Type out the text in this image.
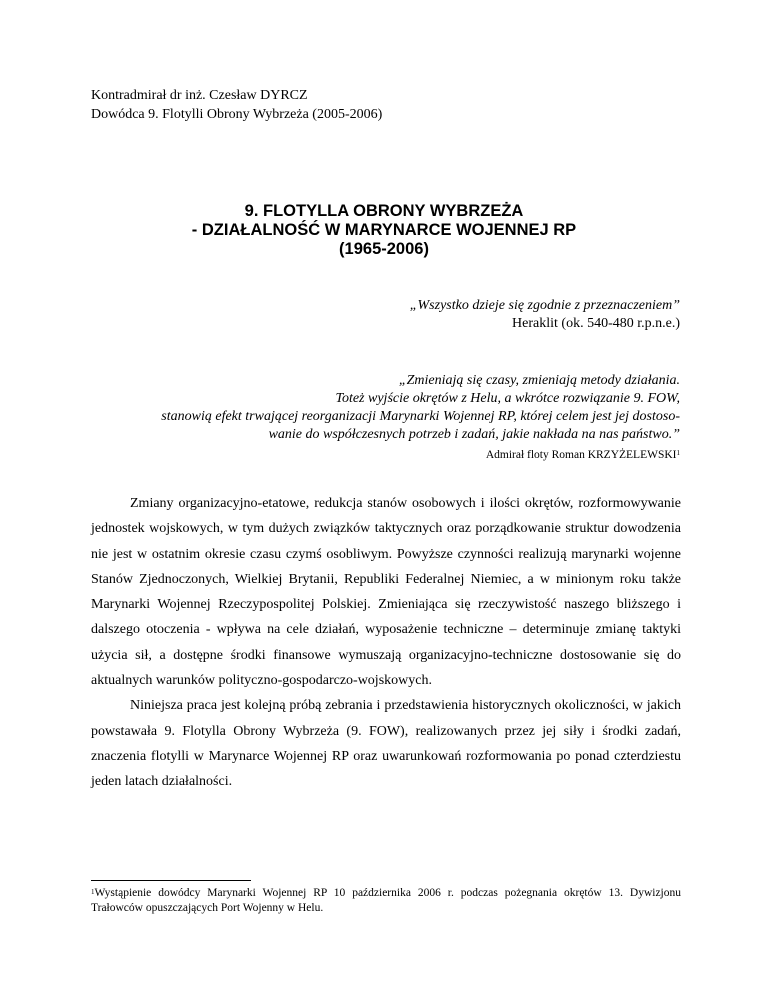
Kontradmirał dr inż. Czesław DYRCZ
Dowódca 9. Flotylli Obrony Wybrzeża (2005-2006)
9. FLOTYLLA OBRONY WYBRZEŻA
- DZIAŁALNOŚĆ W MARYNARCE WOJENNEJ RP
(1965-2006)
„Wszystko dzieje się zgodnie z przeznaczeniem”
Heraklit (ok. 540-480 r.p.n.e.)
„Zmieniają się czasy, zmieniają metody działania.
Toteż wyjście okrętów z Helu, a wkrótce rozwiązanie 9. FOW,
stanowią efekt trwającej reorganizacji Marynarki Wojennej RP, której celem jest jej dostoso-
wanie do współczesnych potrzeb i zadań, jakie nakłada na nas państwo.”
Admirał floty Roman KRZYŻELEWSKI$^1$

Zmiany organizacyjno-etatowe, redukcja stanów osobowych i ilości okrętów, rozformowywanie jednostek wojskowych, w tym dużych związków taktycznych oraz porządkowanie struktur dowodzenia nie jest w ostatnim okresie czasu czymś osobliwym. Powyższe czynności realizują marynarki wojenne Stanów Zjednoczonych, Wielkiej Brytanii, Republiki Federalnej Niemiec, a w minionym roku także Marynarki Wojennej Rzeczypospolitej Polskiej. Zmieniająca się rzeczywistość naszego bliższego i dalszego otoczenia - wpływa na cele działań, wyposażenie techniczne – determinuje zmianę taktyki użycia sił, a dostępne środki finansowe wymuszają organizacyjno-techniczne dostosowanie się do aktualnych warunków polityczno-gospodarczo-wojskowych.

Niniejsza praca jest kolejną próbą zebrania i przedstawienia historycznych okoliczności, w jakich powstawała 9. Flotylla Obrony Wybrzeża (9. FOW), realizowanych przez jej siły i środki zadań, znaczenia flotylli w Marynarce Wojennej RP oraz uwarunkowań rozformowania po ponad czterdziestu jeden latach działalności.

$^1$Wystąpienie dowódcy Marynarki Wojennej RP 10 października 2006 r. podczas pożegnania okrętów 13. Dywizjonu Trałowców opuszczających Port Wojenny w Helu.
